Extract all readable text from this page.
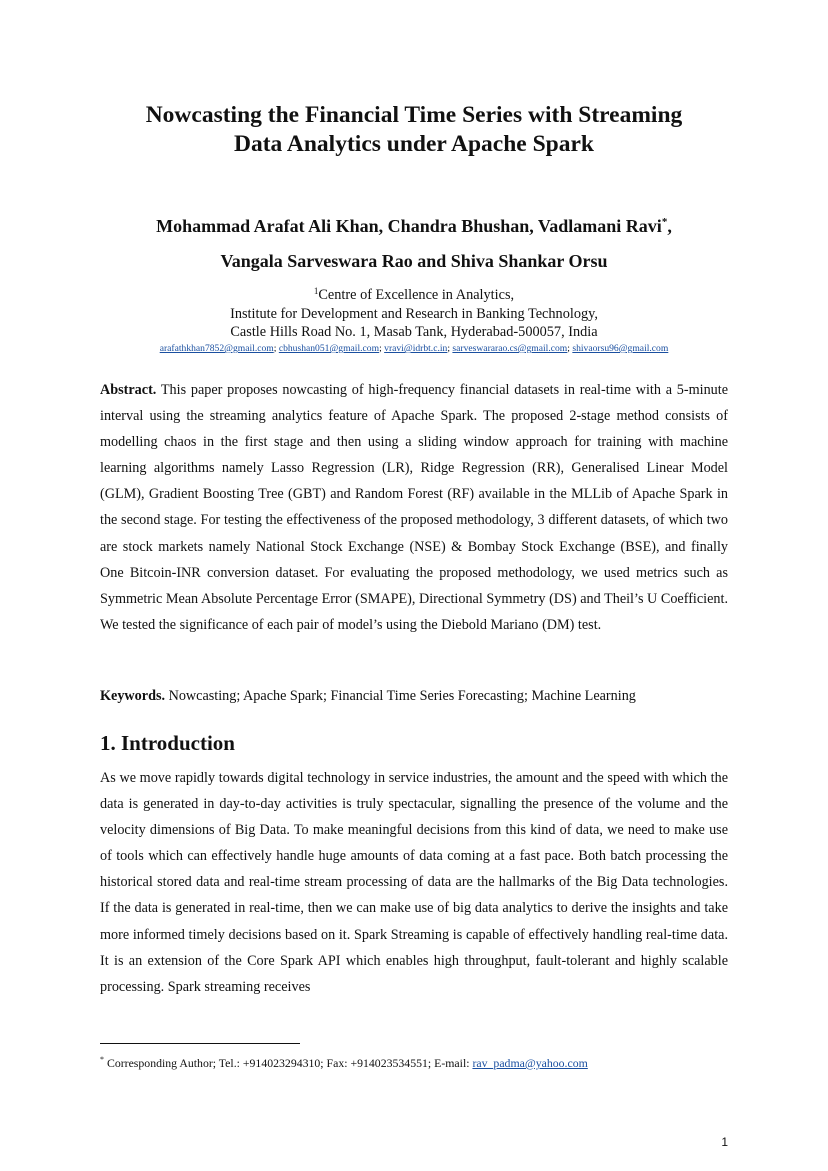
Nowcasting the Financial Time Series with Streaming
Data Analytics under Apache Spark
Mohammad Arafat Ali Khan, Chandra Bhushan, Vadlamani Ravi*,
Vangala Sarveswara Rao and Shiva Shankar Orsu
$^1$Centre of Excellence in Analytics,
Institute for Development and Research in Banking Technology,
Castle Hills Road No. 1, Masab Tank, Hyderabad-500057, India
arafathkhan7852@gmail.com; cbhushan051@gmail.com; vravi@idrbt.c.in; sarveswararao.cs@gmail.com; shivaorsu96@gmail.com
Abstract. This paper proposes nowcasting of high-frequency financial datasets in real-time with a 5-minute interval using the streaming analytics feature of Apache Spark. The proposed 2-stage method consists of modelling chaos in the first stage and then using a sliding window approach for training with machine learning algorithms namely Lasso Regression (LR), Ridge Regression (RR), Generalised Linear Model (GLM), Gradient Boosting Tree (GBT) and Random Forest (RF) available in the MLLib of Apache Spark in the second stage. For testing the effectiveness of the proposed methodology, 3 different datasets, of which two are stock markets namely National Stock Exchange (NSE) & Bombay Stock Exchange (BSE), and finally One Bitcoin-INR conversion dataset. For evaluating the proposed methodology, we used metrics such as Symmetric Mean Absolute Percentage Error (SMAPE), Directional Symmetry (DS) and Theil’s U Coefficient. We tested the significance of each pair of model’s using the Diebold Mariano (DM) test.
Keywords. Nowcasting; Apache Spark; Financial Time Series Forecasting; Machine Learning
1. Introduction
As we move rapidly towards digital technology in service industries, the amount and the speed with which the data is generated in day-to-day activities is truly spectacular, signalling the presence of the volume and the velocity dimensions of Big Data. To make meaningful decisions from this kind of data, we need to make use of tools which can effectively handle huge amounts of data coming at a fast pace. Both batch processing the historical stored data and real-time stream processing of data are the hallmarks of the Big Data technologies. If the data is generated in real-time, then we can make use of big data analytics to derive the insights and take more informed timely decisions based on it. Spark Streaming is capable of effectively handling real-time data. It is an extension of the Core Spark API which enables high throughput, fault-tolerant and highly scalable processing. Spark streaming receives
* Corresponding Author; Tel.: +914023294310; Fax: +914023534551; E-mail: rav_padma@yahoo.com
1
